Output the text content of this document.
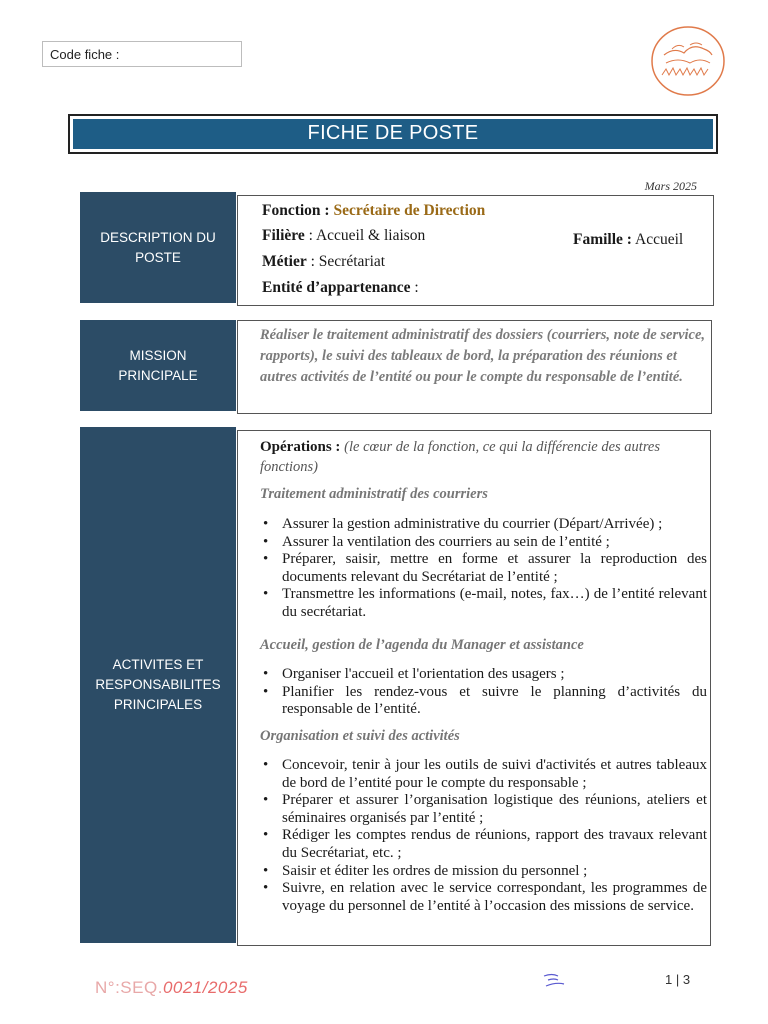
Code fiche :
FICHE DE POSTE
Mars 2025
DESCRIPTION DU POSTE
Fonction : Secrétaire de Direction
Filière : Accueil & liaison	Famille : Accueil
Métier : Secrétariat
Entité d’appartenance :
MISSION PRINCIPALE
Réaliser le traitement administratif des dossiers (courriers, note de service, rapports), le suivi des tableaux de bord, la préparation des réunions et autres activités de l’entité ou pour le compte du responsable de l’entité.
ACTIVITES ET RESPONSABILITES PRINCIPALES
Opérations : (le cœur de la fonction, ce qui la différencie des autres fonctions)
Traitement administratif des courriers
• Assurer la gestion administrative du courrier (Départ/Arrivée) ;
• Assurer la ventilation des courriers au sein de l’entité ;
• Préparer, saisir, mettre en forme et assurer la reproduction des documents relevant du Secrétariat de l’entité ;
• Transmettre les informations (e-mail, notes, fax…) de l’entité relevant du secrétariat.
Accueil, gestion de l’agenda du Manager et assistance
• Organiser l'accueil et l'orientation des usagers ;
• Planifier les rendez-vous et suivre le planning d’activités du responsable de l’entité.
Organisation et suivi des activités
• Concevoir, tenir à jour les outils de suivi d'activités et autres tableaux de bord de l’entité pour le compte du responsable ;
• Préparer et assurer l’organisation logistique des réunions, ateliers et séminaires organisés par l’entité ;
• Rédiger les comptes rendus de réunions, rapport des travaux relevant du Secrétariat, etc. ;
• Saisir et éditer les ordres de mission du personnel ;
• Suivre, en relation avec le service correspondant, les programmes de voyage du personnel de l’entité à l’occasion des missions de service.
N°:SEQ.0021/2025	1 | 3
